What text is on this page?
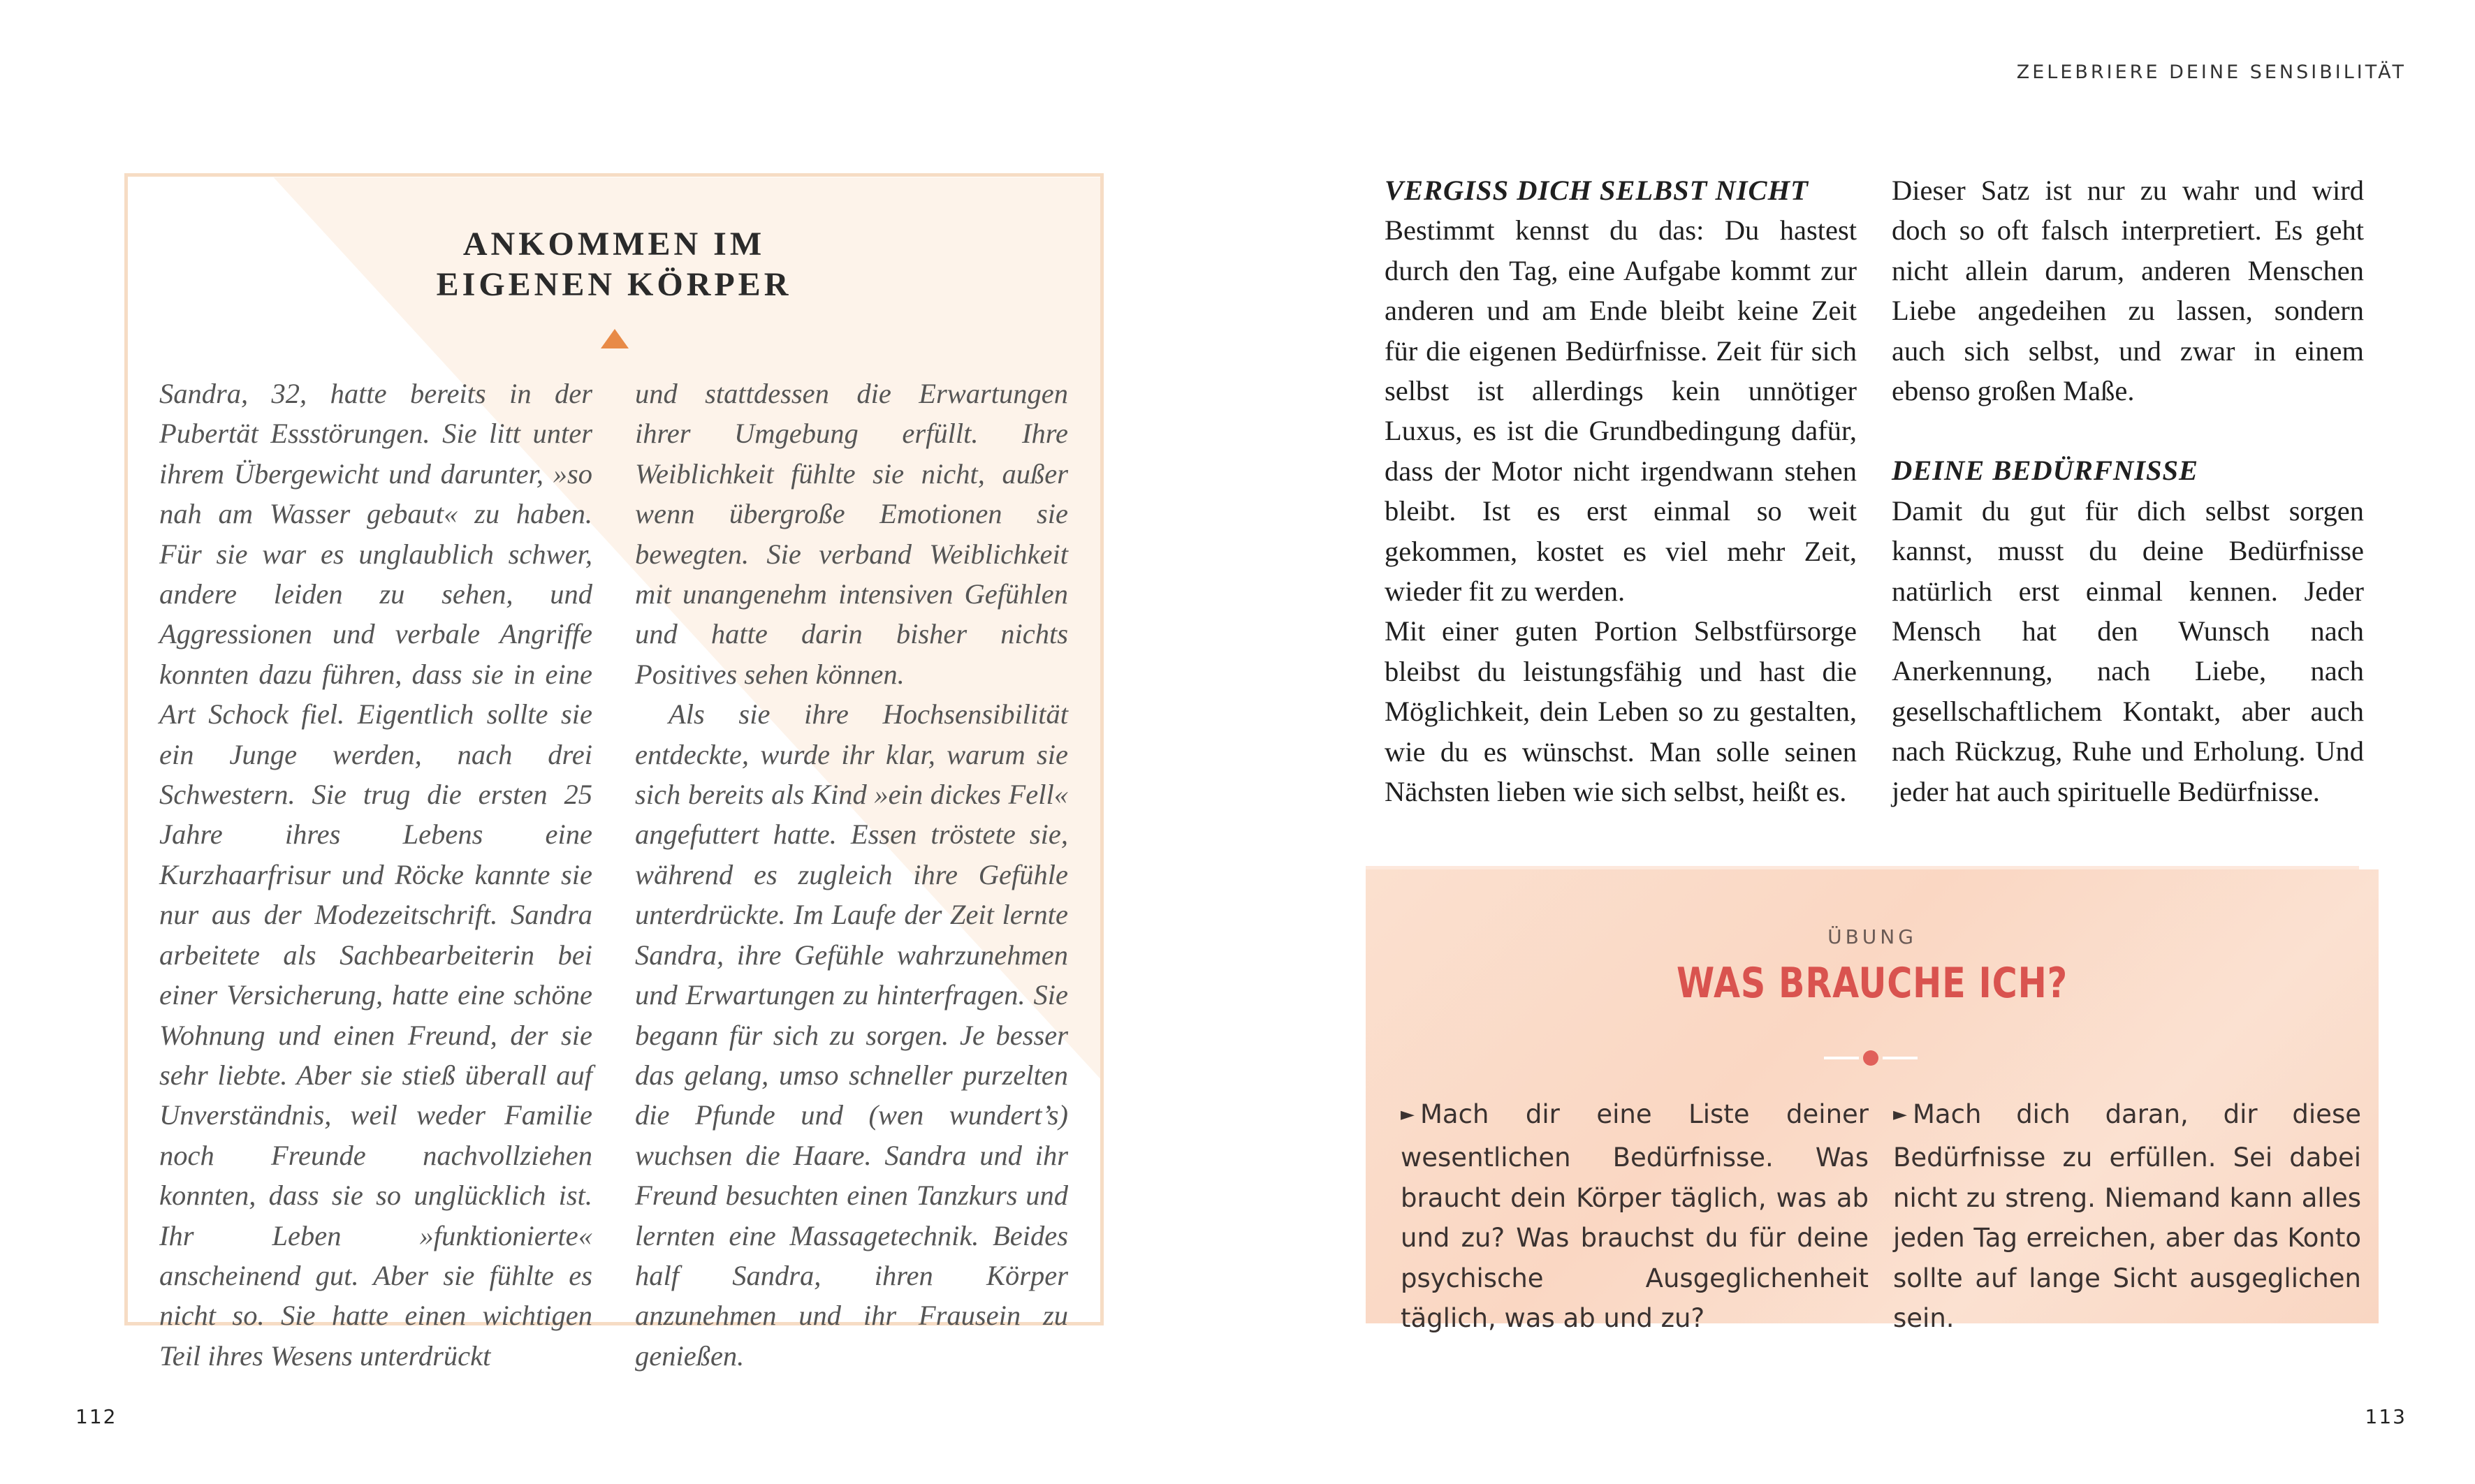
ZELEBRIERE DEINE SENSIBILITÄT
ANKOMMEN IM
EIGENEN KÖRPER

Sandra, 32, hatte bereits in der Pubertät Essstörungen. Sie litt unter ihrem Übergewicht und darunter, »so nah am Wasser gebaut« zu haben. Für sie war es unglaublich schwer, andere leiden zu sehen, und Aggressionen und verbale Angriffe konnten dazu führen, dass sie in eine Art Schock fiel. Eigentlich sollte sie ein Junge werden, nach drei Schwestern. Sie trug die ersten 25 Jahre ihres Lebens eine Kurzhaarfrisur und Röcke kannte sie nur aus der Modezeitschrift. Sandra arbeitete als Sachbearbeiterin bei einer Versicherung, hatte eine schöne Wohnung und einen Freund, der sie sehr liebte. Aber sie stieß überall auf Unverständnis, weil weder Familie noch Freunde nachvollziehen konnten, dass sie so unglücklich ist. Ihr Leben »funktionierte« anscheinend gut. Aber sie fühlte es nicht so. Sie hatte einen wichtigen Teil ihres Wesens unterdrückt

und stattdessen die Erwartungen ihrer Umgebung erfüllt. Ihre Weiblichkeit fühlte sie nicht, außer wenn übergroße Emotionen sie bewegten. Sie verband Weiblichkeit mit unangenehm intensiven Gefühlen und hatte darin bisher nichts Positives sehen können.

Als sie ihre Hochsensibilität entdeckte, wurde ihr klar, warum sie sich bereits als Kind »ein dickes Fell« angefuttert hatte. Essen tröstete sie, während es zugleich ihre Gefühle unterdrückte. Im Laufe der Zeit lernte Sandra, ihre Gefühle wahrzunehmen und Erwartungen zu hinterfragen. Sie begann für sich zu sorgen. Je besser das gelang, umso schneller purzelten die Pfunde und (wen wundert’s) wuchsen die Haare. Sandra und ihr Freund besuchten einen Tanzkurs und lernten eine Massagetechnik. Beides half Sandra, ihren Körper anzunehmen und ihr Frausein zu genießen.

112

VERGISS DICH SELBST NICHT

Bestimmt kennst du das: Du hastest durch den Tag, eine Aufgabe kommt zur anderen und am Ende bleibt keine Zeit für die eigenen Bedürfnisse. Zeit für sich selbst ist allerdings kein unnötiger Luxus, es ist die Grundbedingung dafür, dass der Motor nicht irgendwann stehen bleibt. Ist es erst einmal so weit gekommen, kostet es viel mehr Zeit, wieder fit zu werden.

Mit einer guten Portion Selbstfürsorge bleibst du leistungsfähig und hast die Möglichkeit, dein Leben so zu gestalten, wie du es wünschst. Man solle seinen Nächsten lieben wie sich selbst, heißt es.

Dieser Satz ist nur zu wahr und wird doch so oft falsch interpretiert. Es geht nicht allein darum, anderen Menschen Liebe angedeihen zu lassen, sondern auch sich selbst, und zwar in einem ebenso großen Maße.

DEINE BEDÜRFNISSE

Damit du gut für dich selbst sorgen kannst, musst du deine Bedürfnisse natürlich erst einmal kennen. Jeder Mensch hat den Wunsch nach Anerkennung, nach Liebe, nach gesellschaftlichem Kontakt, aber auch nach Rückzug, Ruhe und Erholung. Und jeder hat auch spirituelle Bedürfnisse.

ÜBUNG
WAS BRAUCHE ICH?
► Mach dir eine Liste deiner wesentlichen Bedürfnisse. Was braucht dein Körper täglich, was ab und zu? Was brauchst du für deine psychische Ausgeglichenheit täglich, was ab und zu?
► Mach dich daran, dir diese Bedürfnisse zu erfüllen. Sei dabei nicht zu streng. Niemand kann alles jeden Tag erreichen, aber das Konto sollte auf lange Sicht ausgeglichen sein.
113
